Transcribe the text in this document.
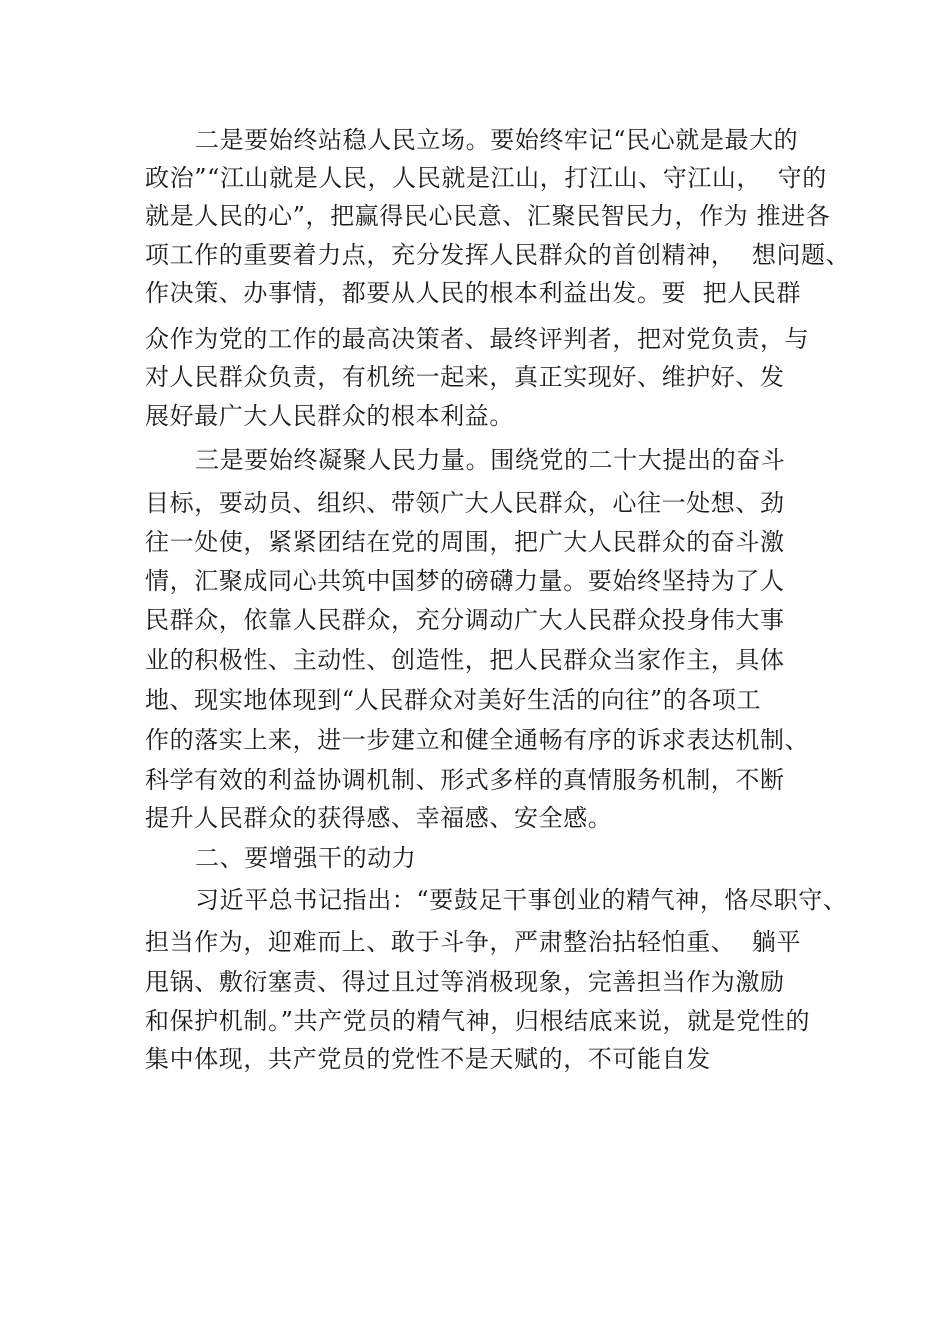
二是要始终站稳人民立场。要始终牢记“民心就是最大的

政治”“江山就是人民，人民就是江山，打江山、守江山，  守的

就是人民的心”，把赢得民心民意、汇聚民智民力，作为 推进各

项工作的重要着力点，充分发挥人民群众的首创精神，  想问题、

作决策、办事情，都要从人民的根本利益出发。要  把人民群

众作为党的工作的最高决策者、最终评判者，把对党负责，与

对人民群众负责，有机统一起来，真正实现好、维护好、发

展好最广大人民群众的根本利益。

三是要始终凝聚人民力量。围绕党的二十大提出的奋斗

目标，要动员、组织、带领广大人民群众，心往一处想、劲

往一处使，紧紧团结在党的周围，把广大人民群众的奋斗激

情，汇聚成同心共筑中国梦的磅礴力量。要始终坚持为了人

民群众，依靠人民群众，充分调动广大人民群众投身伟大事

业的积极性、主动性、创造性，把人民群众当家作主，具体

地、现实地体现到“人民群众对美好生活的向往”的各项工

作的落实上来，进一步建立和健全通畅有序的诉求表达机制、

科学有效的利益协调机制、形式多样的真情服务机制，不断

提升人民群众的获得感、幸福感、安全感。

二、要增强干的动力

习近平总书记指出：“要鼓足干事创业的精气神，恪尽职守、

担当作为，迎难而上、敢于斗争，严肃整治拈轻怕重、  躺平

甩锅、敷衍塞责、得过且过等消极现象，完善担当作为激励

和保护机制。”共产党员的精气神，归根结底来说，就是党性的

集中体现，共产党员的党性不是天赋的，不可能自发
